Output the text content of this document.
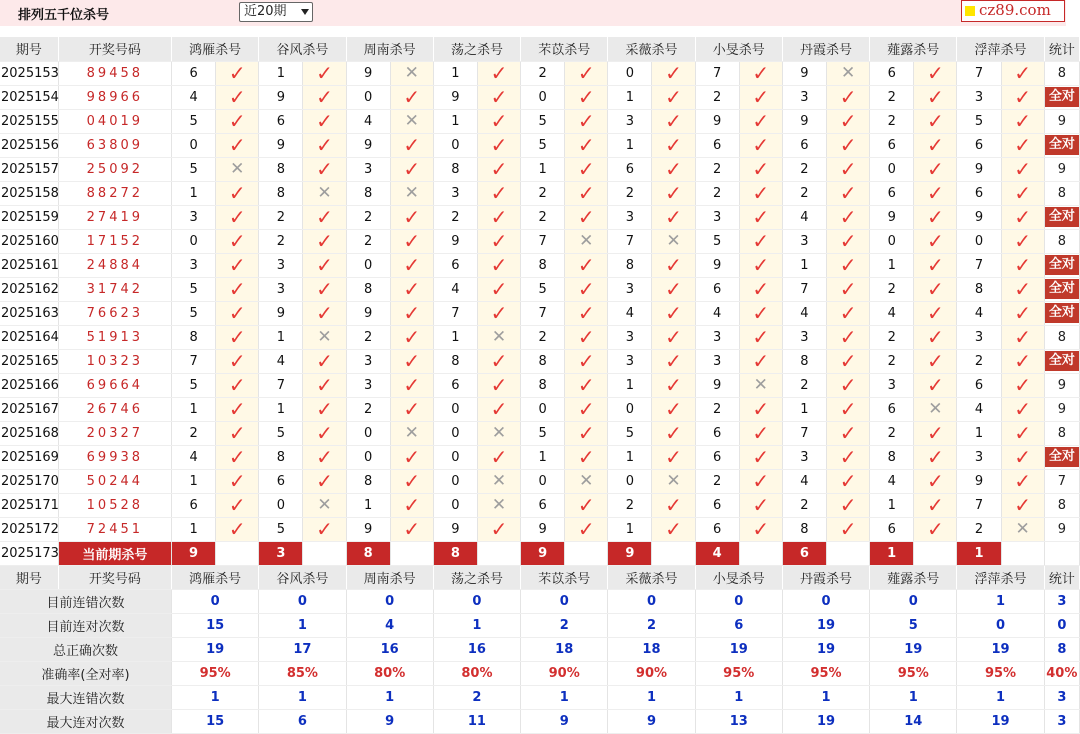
排列五千位杀号	近20期	cz89.com
期号	开奖号码	鸿雁杀号		谷风杀号		周南杀号		荡之杀号		芣苡杀号		采薇杀号		小旻杀号		丹霞杀号		薤露杀号		浮萍杀号		统计
2025153	89458	6	✓	1	✓	9	✕	1	✓	2	✓	0	✓	7	✓	9	✕	6	✓	7	✓	8
2025154	98966	4	✓	9	✓	0	✓	9	✓	0	✓	1	✓	2	✓	3	✓	2	✓	3	✓	全对
2025155	04019	5	✓	6	✓	4	✕	1	✓	5	✓	3	✓	9	✓	9	✓	2	✓	5	✓	9
2025156	63809	0	✓	9	✓	9	✓	0	✓	5	✓	1	✓	6	✓	6	✓	6	✓	6	✓	全对
2025157	25092	5	✕	8	✓	3	✓	8	✓	1	✓	6	✓	2	✓	2	✓	0	✓	9	✓	9
2025158	88272	1	✓	8	✕	8	✕	3	✓	2	✓	2	✓	2	✓	2	✓	6	✓	6	✓	8
2025159	27419	3	✓	2	✓	2	✓	2	✓	2	✓	3	✓	3	✓	4	✓	9	✓	9	✓	全对
2025160	17152	0	✓	2	✓	2	✓	9	✓	7	✕	7	✕	5	✓	3	✓	0	✓	0	✓	8
2025161	24884	3	✓	3	✓	0	✓	6	✓	8	✓	8	✓	9	✓	1	✓	1	✓	7	✓	全对
2025162	31742	5	✓	3	✓	8	✓	4	✓	5	✓	3	✓	6	✓	7	✓	2	✓	8	✓	全对
2025163	76623	5	✓	9	✓	9	✓	7	✓	7	✓	4	✓	4	✓	4	✓	4	✓	4	✓	全对
2025164	51913	8	✓	1	✕	2	✓	1	✕	2	✓	3	✓	3	✓	3	✓	2	✓	3	✓	8
2025165	10323	7	✓	4	✓	3	✓	8	✓	8	✓	3	✓	3	✓	8	✓	2	✓	2	✓	全对
2025166	69664	5	✓	7	✓	3	✓	6	✓	8	✓	1	✓	9	✕	2	✓	3	✓	6	✓	9
2025167	26746	1	✓	1	✓	2	✓	0	✓	0	✓	0	✓	2	✓	1	✓	6	✕	4	✓	9
2025168	20327	2	✓	5	✓	0	✕	0	✕	5	✓	5	✓	6	✓	7	✓	2	✓	1	✓	8
2025169	69938	4	✓	8	✓	0	✓	0	✓	1	✓	1	✓	6	✓	3	✓	8	✓	3	✓	全对
2025170	50244	1	✓	6	✓	8	✓	0	✕	0	✕	0	✕	2	✓	4	✓	4	✓	9	✓	7
2025171	10528	6	✓	0	✕	1	✓	0	✕	6	✓	2	✓	6	✓	2	✓	1	✓	7	✓	8
2025172	72451	1	✓	5	✓	9	✓	9	✓	9	✓	1	✓	6	✓	8	✓	6	✓	2	✕	9
2025173	当前期杀号	9		3		8		8		9		9		4		6		1		1		
期号	开奖号码	鸿雁杀号		谷风杀号		周南杀号		荡之杀号		芣苡杀号		采薇杀号		小旻杀号		丹霞杀号		薤露杀号		浮萍杀号		统计
目前连错次数		0		0		0		0		0		0		0		0		0		1		3
目前连对次数		15		1		4		1		2		2		6		19		5		0		0
总正确次数		19		17		16		16		18		18		19		19		19		19		8
准确率(全对率)		95%		85%		80%		80%		90%		90%		95%		95%		95%		95%		40%
最大连错次数		1		1		1		2		1		1		1		1		1		1		3
最大连对次数		15		6		9		11		9		9		13		19		14		19		3
